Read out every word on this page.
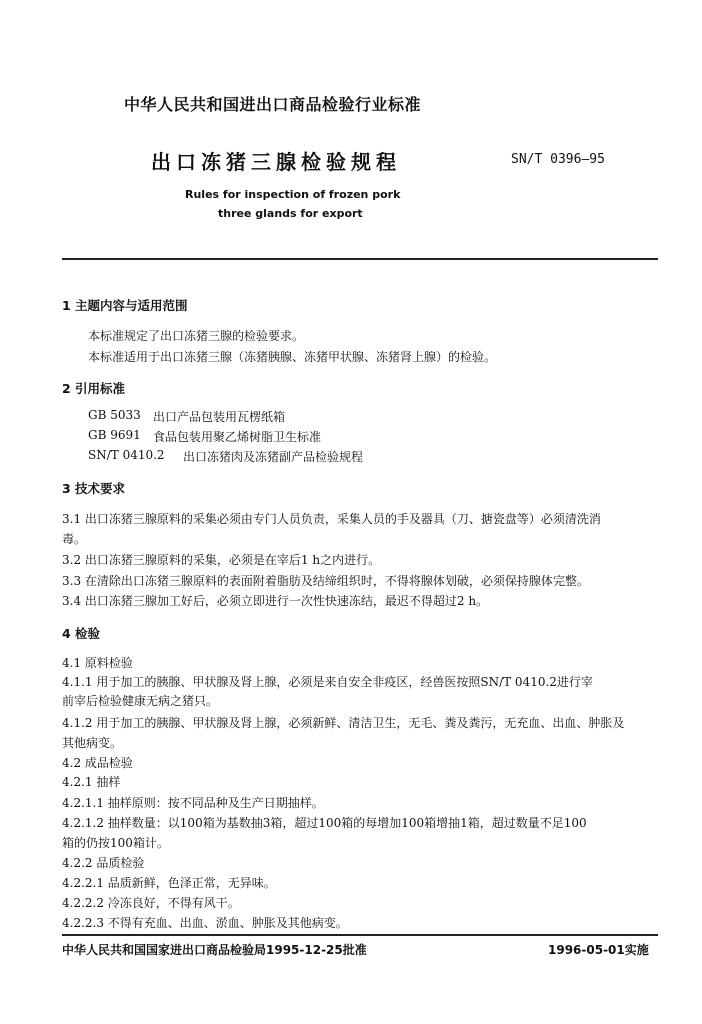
中华人民共和国进出口商品检验行业标准
出口冻猪三腺检验规程	SN/T 0396—95
Rules for inspection of frozen pork
three glands for export
1 主题内容与适用范围
本标准规定了出口冻猪三腺的检验要求。
本标准适用于出口冻猪三腺（冻猪胰腺、冻猪甲状腺、冻猪肾上腺）的检验。
2 引用标准
GB 5033 出口产品包装用瓦楞纸箱
GB 9691 食品包装用聚乙烯树脂卫生标准
SN/T 0410.2 出口冻猪肉及冻猪副产品检验规程
3 技术要求
3.1 出口冻猪三腺原料的采集必须由专门人员负责，采集人员的手及器具（刀、搪瓷盘等）必须清洗消
毒。
3.2 出口冻猪三腺原料的采集，必须是在宰后1 h之内进行。
3.3 在清除出口冻猪三腺原料的表面附着脂肪及结缔组织时，不得将腺体划破，必须保持腺体完整。
3.4 出口冻猪三腺加工好后，必须立即进行一次性快速冻结，最迟不得超过2 h。
4 检验
4.1 原料检验
4.1.1 用于加工的胰腺、甲状腺及肾上腺，必须是来自安全非疫区，经兽医按照SN/T 0410.2进行宰
前宰后检验健康无病之猪只。
4.1.2 用于加工的胰腺、甲状腺及肾上腺，必须新鲜、清洁卫生，无毛、粪及粪污，无充血、出血、肿胀及
其他病变。
4.2 成品检验
4.2.1 抽样
4.2.1.1 抽样原则：按不同品种及生产日期抽样。
4.2.1.2 抽样数量：以100箱为基数抽3箱，超过100箱的每增加100箱增抽1箱，超过数量不足100
箱的仍按100箱计。
4.2.2 品质检验
4.2.2.1 品质新鲜，色泽正常，无异味。
4.2.2.2 冷冻良好，不得有风干。
4.2.2.3 不得有充血、出血、淤血、肿胀及其他病变。
中华人民共和国国家进出口商品检验局1995-12-25批准	1996-05-01实施
